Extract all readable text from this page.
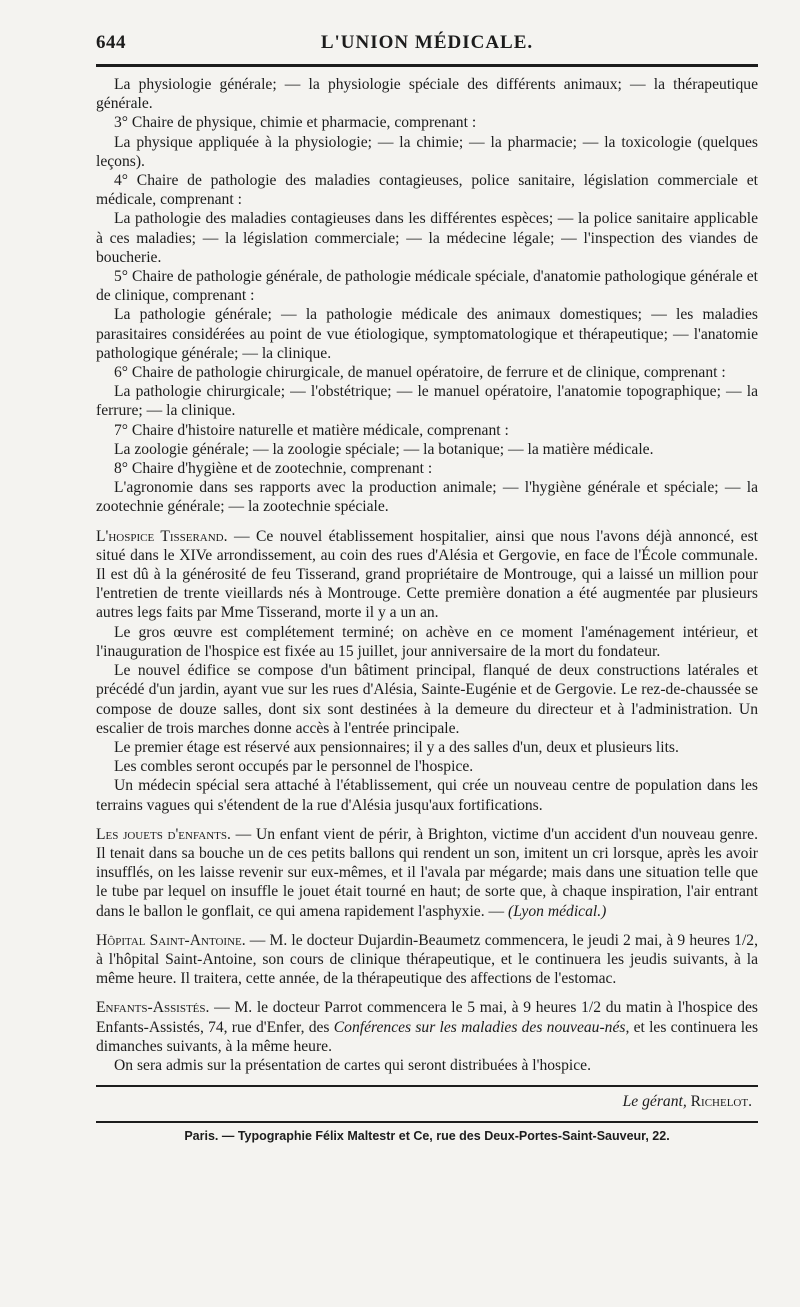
644	L'UNION MÉDICALE.

La physiologie générale; — la physiologie spéciale des différents animaux; — la thérapeutique générale.

3° Chaire de physique, chimie et pharmacie, comprenant :

La physique appliquée à la physiologie; — la chimie; — la pharmacie; — la toxicologie (quelques leçons).

4° Chaire de pathologie des maladies contagieuses, police sanitaire, législation commerciale et médicale, comprenant :

La pathologie des maladies contagieuses dans les différentes espèces; — la police sanitaire applicable à ces maladies; — la législation commerciale; — la médecine légale; — l'inspection des viandes de boucherie.

5° Chaire de pathologie générale, de pathologie médicale spéciale, d'anatomie pathologique générale et de clinique, comprenant :

La pathologie générale; — la pathologie médicale des animaux domestiques; — les maladies parasitaires considérées au point de vue étiologique, symptomatologique et thérapeutique; — l'anatomie pathologique générale; — la clinique.

6° Chaire de pathologie chirurgicale, de manuel opératoire, de ferrure et de clinique, comprenant :

La pathologie chirurgicale; — l'obstétrique; — le manuel opératoire, l'anatomie topographique; — la ferrure; — la clinique.

7° Chaire d'histoire naturelle et matière médicale, comprenant :

La zoologie générale; — la zoologie spéciale; — la botanique; — la matière médicale.

8° Chaire d'hygiène et de zootechnie, comprenant :

L'agronomie dans ses rapports avec la production animale; — l'hygiène générale et spéciale; — la zootechnie générale; — la zootechnie spéciale.

L'hospice Tisserand. — Ce nouvel établissement hospitalier, ainsi que nous l'avons déjà annoncé, est situé dans le XIVe arrondissement, au coin des rues d'Alésia et Gergovie, en face de l'École communale. Il est dû à la générosité de feu Tisserand, grand propriétaire de Montrouge, qui a laissé un million pour l'entretien de trente vieillards nés à Montrouge. Cette première donation a été augmentée par plusieurs autres legs faits par Mme Tisserand, morte il y a un an.

Le gros œuvre est complétement terminé; on achève en ce moment l'aménagement intérieur, et l'inauguration de l'hospice est fixée au 15 juillet, jour anniversaire de la mort du fondateur.

Le nouvel édifice se compose d'un bâtiment principal, flanqué de deux constructions latérales et précédé d'un jardin, ayant vue sur les rues d'Alésia, Sainte-Eugénie et de Gergovie. Le rez-de-chaussée se compose de douze salles, dont six sont destinées à la demeure du directeur et à l'administration. Un escalier de trois marches donne accès à l'entrée principale.

Le premier étage est réservé aux pensionnaires; il y a des salles d'un, deux et plusieurs lits.

Les combles seront occupés par le personnel de l'hospice.

Un médecin spécial sera attaché à l'établissement, qui crée un nouveau centre de population dans les terrains vagues qui s'étendent de la rue d'Alésia jusqu'aux fortifications.

Les jouets d'enfants. — Un enfant vient de périr, à Brighton, victime d'un accident d'un nouveau genre. Il tenait dans sa bouche un de ces petits ballons qui rendent un son, imitent un cri lorsque, après les avoir insufflés, on les laisse revenir sur eux-mêmes, et il l'avala par mégarde; mais dans une situation telle que le tube par lequel on insuffle le jouet était tourné en haut; de sorte que, à chaque inspiration, l'air entrant dans le ballon le gonflait, ce qui amena rapidement l'asphyxie. — (Lyon médical.)

Hôpital Saint-Antoine. — M. le docteur Dujardin-Beaumetz commencera, le jeudi 2 mai, à 9 heures 1/2, à l'hôpital Saint-Antoine, son cours de clinique thérapeutique, et le continuera les jeudis suivants, à la même heure. Il traitera, cette année, de la thérapeutique des affections de l'estomac.

Enfants-Assistés. — M. le docteur Parrot commencera le 5 mai, à 9 heures 1/2 du matin à l'hospice des Enfants-Assistés, 74, rue d'Enfer, des Conférences sur les maladies des nouveau-nés, et les continuera les dimanches suivants, à la même heure.

On sera admis sur la présentation de cartes qui seront distribuées à l'hospice.

Le gérant, Richelot.
Paris. — Typographie Félix Maltestr et Ce, rue des Deux-Portes-Saint-Sauveur, 22.
